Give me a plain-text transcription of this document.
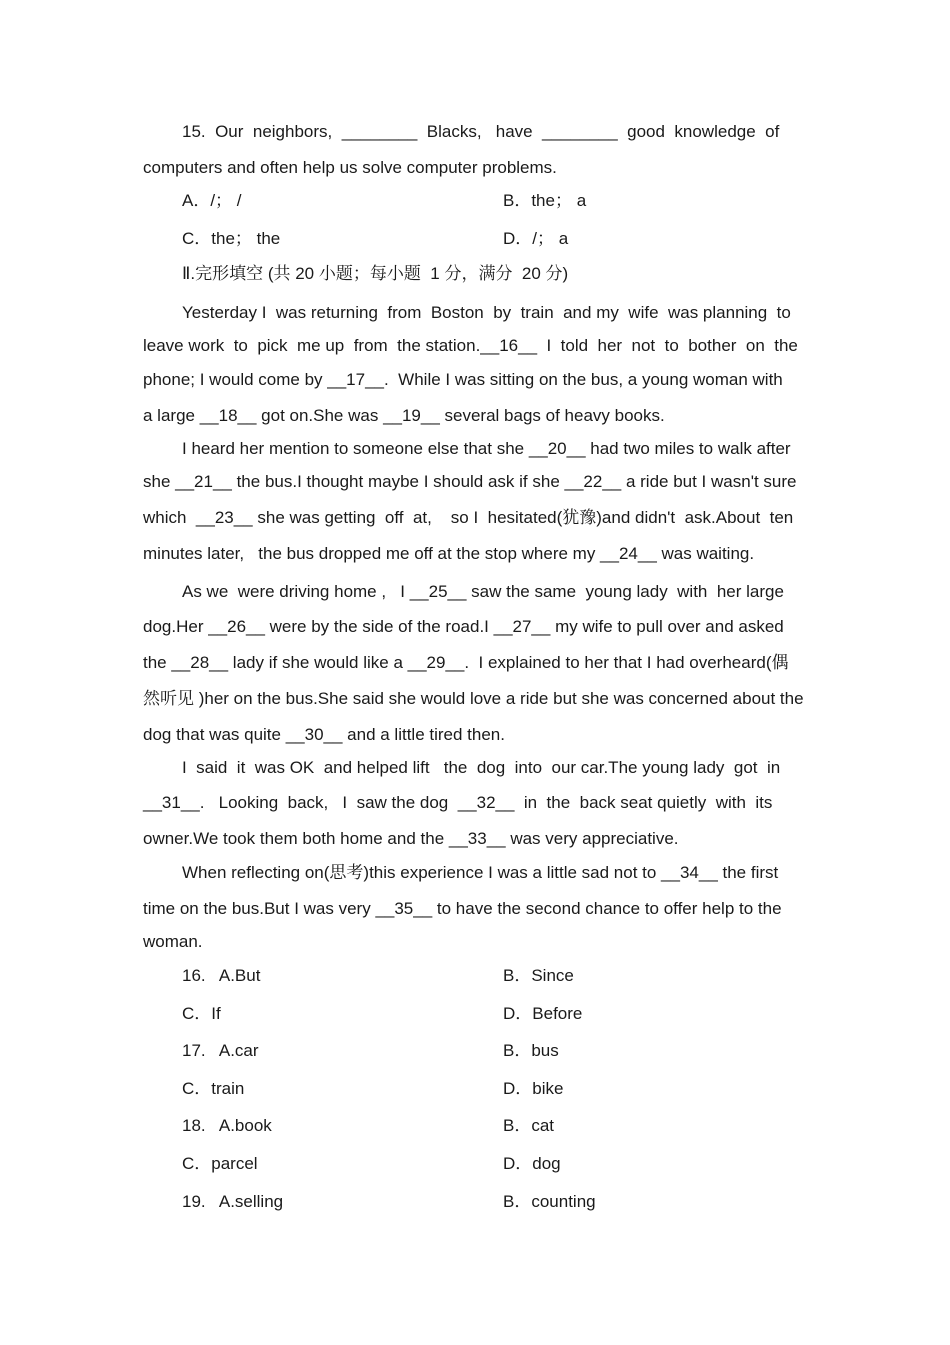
15.  Our  neighbors,  ________  Blacks,   have  ________  good  knowledge  of
computers and often help us solve computer problems.
A．/； /	B．the； a
C．the； the	D．/； a
Ⅱ.完形填空 (共 20 小题；每小题  1 分，满分  20 分)
Yesterday I  was returning  from  Boston  by  train  and my  wife  was planning  to
leave work  to  pick  me up  from  the station.__16__  I  told  her  not  to  bother  on  the
phone; I would come by __17__.  While I was sitting on the bus, a young woman with
a large __18__ got on.She was __19__ several bags of heavy books.
I heard her mention to someone else that she __20__ had two miles to walk after
she __21__ the bus.I thought maybe I should ask if she __22__ a ride but I wasn't sure
which  __23__ she was getting  off  at,    so I  hesitated(犹豫)and didn't  ask.About  ten
minutes later,   the bus dropped me off at the stop where my __24__ was waiting.
As we  were driving home ,   I __25__ saw the same  young lady  with  her large
dog.Her __26__ were by the side of the road.I __27__ my wife to pull over and asked
the __28__ lady if she would like a __29__.  I explained to her that I had overheard(偶
然听见 )her on the bus.She said she would love a ride but she was concerned about the
dog that was quite __30__ and a little tired then.
I  said  it  was OK  and helped lift   the  dog  into  our car.The young lady  got  in
__31__.   Looking  back,   I  saw the dog  __32__  in  the  back seat quietly  with  its
owner.We took them both home and the __33__ was very appreciative.
When reflecting on(思考)this experience I was a little sad not to __34__ the first
time on the bus.But I was very __35__ to have the second chance to offer help to the
woman.
16.   A.But	B．Since
C．If	D．Before
17.   A.car	B．bus
C．train	D．bike
18.   A.book	B．cat
C．parcel	D．dog
19.   A.selling	B．counting
